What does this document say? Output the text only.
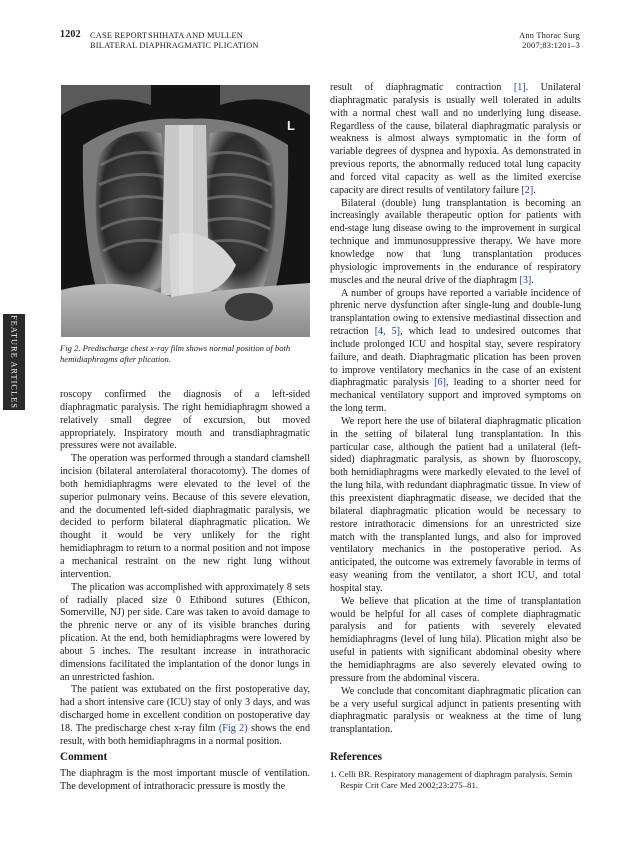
1202 CASE REPORT SHIHATA AND MULLEN
BILATERAL DIAPHRAGMATIC PLICATION
Ann Thorac Surg
2007;83:1201–3
FEATURE ARTICLES
L
Fig 2. Predischarge chest x-ray film shows normal position of both hemidiaphragms after plication.

roscopy confirmed the diagnosis of a left-sided diaphragmatic paralysis. The right hemidiaphragm showed a relatively small degree of excursion, but moved appropriately. Inspiratory mouth and transdiaphragmatic pressures were not available.

The operation was performed through a standard clamshell incision (bilateral anterolateral thoracotomy). The domes of both hemidiaphragms were elevated to the level of the superior pulmonary veins. Because of this severe elevation, and the documented left-sided diaphragmatic paralysis, we decided to perform bilateral diaphragmatic plication. We thought it would be very unlikely for the right hemidiaphragm to return to a normal position and not impose a mechanical restraint on the new right lung without intervention.

The plication was accomplished with approximately 8 sets of radially placed size 0 Ethibond sutures (Ethicon, Somerville, NJ) per side. Care was taken to avoid damage to the phrenic nerve or any of its visible branches during plication. At the end, both hemidiaphragms were lowered by about 5 inches. The resultant increase in intrathoracic dimensions facilitated the implantation of the donor lungs in an unrestricted fashion.

The patient was extubated on the first postoperative day, had a short intensive care (ICU) stay of only 3 days, and was discharged home in excellent condition on postoperative day 18. The predischarge chest x-ray film (Fig 2) shows the end result, with both hemidiaphragms in a normal position.

Comment
The diaphragm is the most important muscle of ventilation. The development of intrathoracic pressure is mostly the

result of diaphragmatic contraction [1]. Unilateral diaphragmatic paralysis is usually well tolerated in adults with a normal chest wall and no underlying lung disease. Regardless of the cause, bilateral diaphragmatic paralysis or weakness is almost always symptomatic in the form of variable degrees of dyspnea and hypoxia. As demonstrated in previous reports, the abnormally reduced total lung capacity and forced vital capacity as well as the limited exercise capacity are direct results of ventilatory failure [2].

Bilateral (double) lung transplantation is becoming an increasingly available therapeutic option for patients with end-stage lung disease owing to the improvement in surgical technique and immunosuppressive therapy. We have more knowledge now that lung transplantation produces physiologic improvements in the endurance of respiratory muscles and the neural drive of the diaphragm [3].

A number of groups have reported a variable incidence of phrenic nerve dysfunction after single-lung and double-lung transplantation owing to extensive mediastinal dissection and retraction [4, 5], which lead to undesired outcomes that include prolonged ICU and hospital stay, severe respiratory failure, and death. Diaphragmatic plication has been proven to improve ventilatory mechanics in the case of an existent diaphragmatic paralysis [6], leading to a shorter need for mechanical ventilatory support and improved symptoms on the long term.

We report here the use of bilateral diaphragmatic plication in the setting of bilateral lung transplantation. In this particular case, although the patient had a unilateral (left-sided) diaphragmatic paralysis, as shown by fluoroscopy, both hemidiaphragms were markedly elevated to the level of the lung hila, with redundant diaphragmatic tissue. In view of this preexistent diaphragmatic disease, we decided that the bilateral diaphragmatic plication would be necessary to restore intrathoracic dimensions for an unrestricted size match with the transplanted lungs, and also for improved ventilatory mechanics in the postoperative period. As anticipated, the outcome was extremely favorable in terms of easy weaning from the ventilator, a short ICU, and total hospital stay.

We believe that plication at the time of transplantation would be helpful for all cases of complete diaphragmatic paralysis and for patients with severely elevated hemidiaphragms (level of lung hila). Plication might also be useful in patients with significant abdominal obesity where the hemidiaphragms are also severely elevated owing to pressure from the abdominal viscera.

We conclude that concomitant diaphragmatic plication can be a very useful surgical adjunct in patients presenting with diaphragmatic paralysis or weakness at the time of lung transplantation.

References
1. Celli BR. Respiratory management of diaphragm paralysis. Semin Respir Crit Care Med 2002;23:275–81.
